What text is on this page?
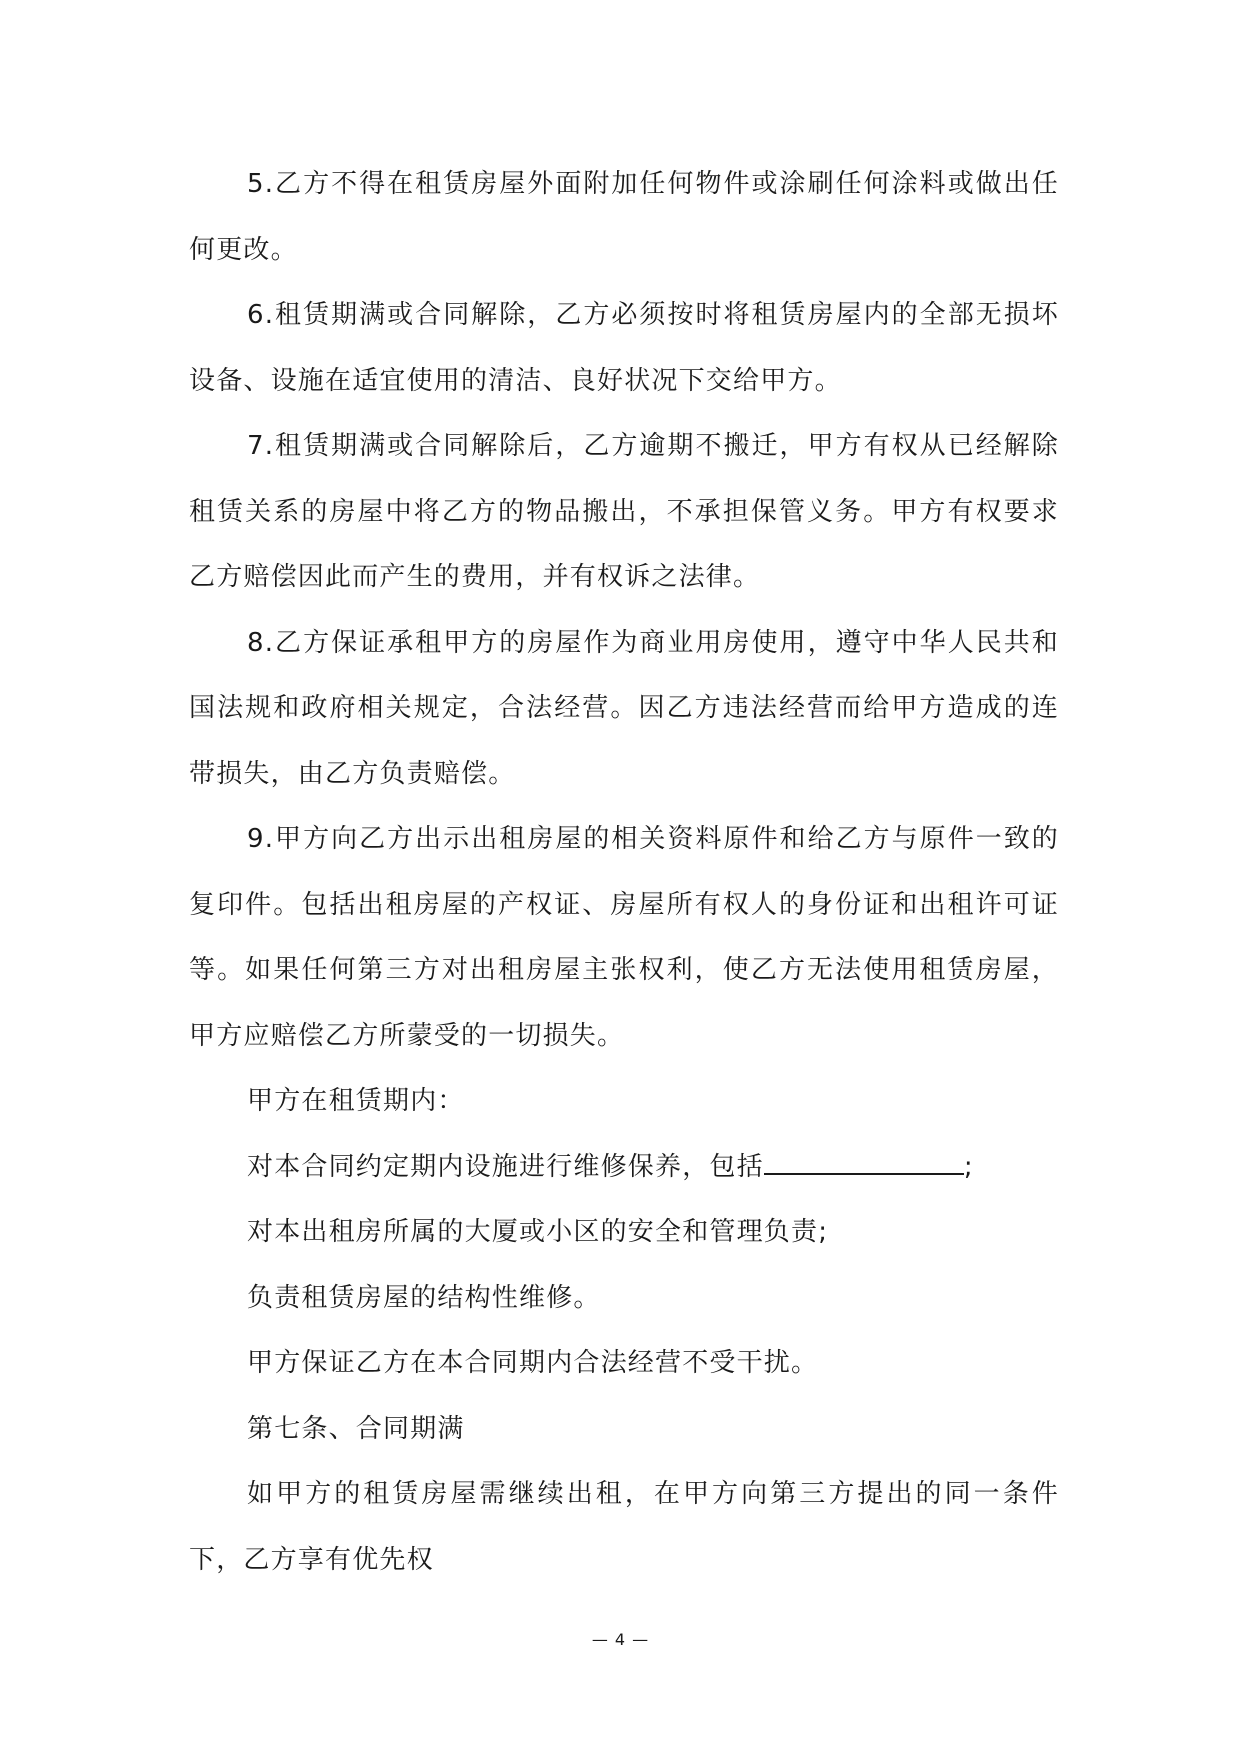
5.乙方不得在租赁房屋外面附加任何物件或涂刷任何涂料或做出任何更改。

6.租赁期满或合同解除，乙方必须按时将租赁房屋内的全部无损坏设备、设施在适宜使用的清洁、良好状况下交给甲方。

7.租赁期满或合同解除后，乙方逾期不搬迁，甲方有权从已经解除租赁关系的房屋中将乙方的物品搬出，不承担保管义务。甲方有权要求乙方赔偿因此而产生的费用，并有权诉之法律。

8.乙方保证承租甲方的房屋作为商业用房使用，遵守中华人民共和国法规和政府相关规定，合法经营。因乙方违法经营而给甲方造成的连带损失，由乙方负责赔偿。

9.甲方向乙方出示出租房屋的相关资料原件和给乙方与原件一致的复印件。包括出租房屋的产权证、房屋所有权人的身份证和出租许可证等。如果任何第三方对出租房屋主张权利，使乙方无法使用租赁房屋，甲方应赔偿乙方所蒙受的一切损失。

甲方在租赁期内：

对本合同约定期内设施进行维修保养，包括	;

对本出租房所属的大厦或小区的安全和管理负责;

负责租赁房屋的结构性维修。

甲方保证乙方在本合同期内合法经营不受干扰。

第七条、合同期满

如甲方的租赁房屋需继续出租，在甲方向第三方提出的同一条件下，乙方享有优先权

— 4 —
